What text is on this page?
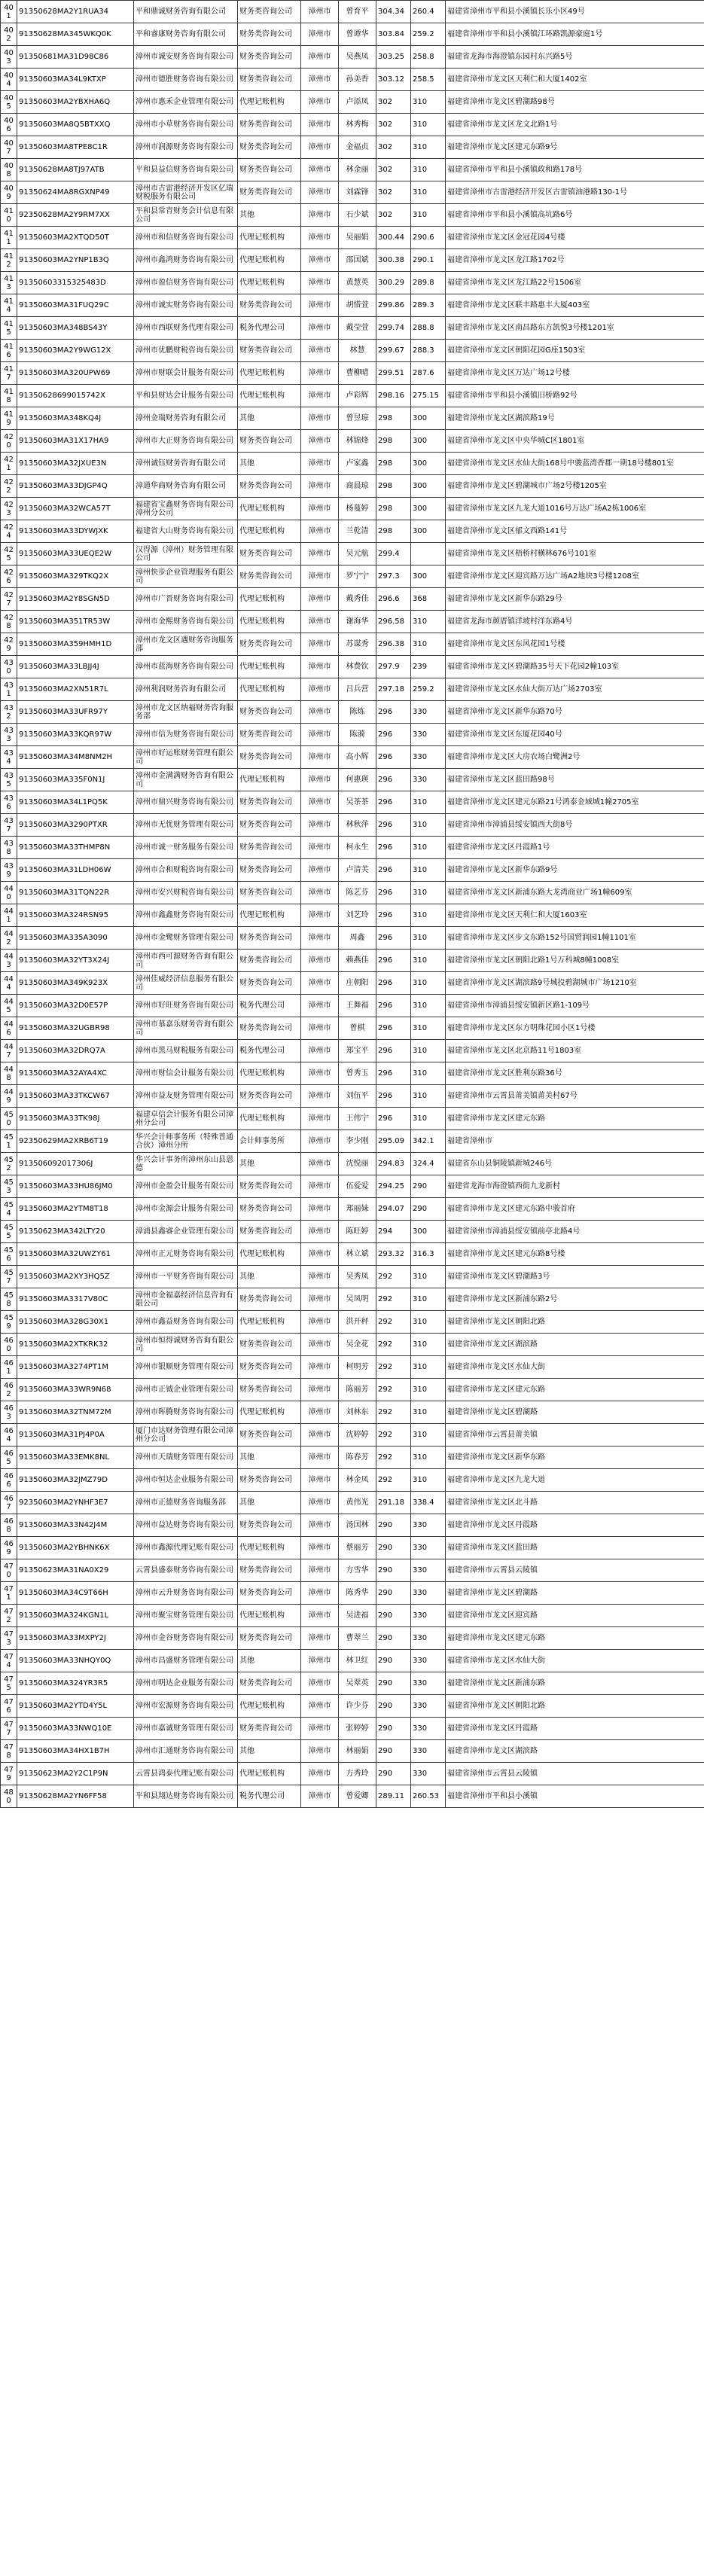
401	91350628MA2Y1RUA34	平和鼎诚财务咨询有限公司	财务类咨询公司	漳州市	曾育平	304.34	260.4	福建省漳州市平和县小溪镇长乐小区49号
402	91350628MA345WKQ0K	平和睿康财务咨询有限公司	财务类咨询公司	漳州市	曾谭华	303.84	259.2	福建省漳州市平和县小溪镇江环路凯源豪庭1号
403	91350681MA31D98C86	漳州市诚安财务咨询有限公司	财务类咨询公司	漳州市	吴燕凤	303.25	258.8	福建省龙海市海澄镇东园村东兴路5号
404	91350603MA34L9KTXP	漳州市德胜财务咨询有限公司	财务类咨询公司	漳州市	孙美香	303.12	258.5	福建省漳州市龙文区天利仁和大厦1402室
405	91350603MA2YBXHA6Q	漳州市惠禾企业管理有限公司	代理记账机构	漳州市	卢添凤	302	310	福建省漳州市龙文区碧湖路98号
406	91350603MA8Q5BTXXQ	漳州市小草财务咨询有限公司	财务类咨询公司	漳州市	林秀梅	302	310	福建省漳州市龙文区龙文北路1号
407	91350603MA8TPE8C1R	漳州市润源财务咨询有限公司	财务类咨询公司	漳州市	金福贞	302	310	福建省漳州市龙文区建元东路9号
408	91350628MA8TJ97ATB	平和县益信财务咨询有限公司	财务类咨询公司	漳州市	林金丽	302	310	福建省漳州市平和县小溪镇政和路178号
409	91350624MA8RGXNP49	漳州市古雷港经济开发区亿瑞财税服务有限公司	财务类咨询公司	漳州市	刘霖锋	302	310	福建省漳州市古雷港经济开发区古雷镇油港路130-1号
410	92350628MA2Y9RM7XX	平和县常青财务会计信息有限公司	其他	漳州市	石少斌	302	310	福建省漳州市平和县小溪镇高坑路6号
411	91350603MA2XTQD50T	漳州市和信财务咨询有限公司	代理记账机构	漳州市	吴丽娟	300.44	290.6	福建省漳州市龙文区金冠花园4号楼
412	91350603MA2YNP1B3Q	漳州市鑫鸿财务咨询有限公司	代理记账机构	漳州市	邵国斌	300.38	290.1	福建省漳州市龙文区龙江路1702号
413	91350603315325483D	漳州市盈信财务咨询有限公司	代理记账机构	漳州市	黄慧英	300.29	289.8	福建省漳州市龙文区龙江路22号1506室
414	91350603MA31FUQ29C	漳州市诚实财务咨询有限公司	财务类咨询公司	漳州市	胡惜萱	299.86	289.3	福建省漳州市龙文区联丰路惠丰大厦403室
415	91350603MA348BS43Y	漳州市西联财务代理有限公司	税务代理公司	漳州市	戴莹萱	299.74	288.8	福建省漳州市龙文区南昌路东方凯悦3号楼1201室
416	91350603MA2Y9WG12X	漳州市优鹏财税咨询有限公司	财务类咨询公司	漳州市	林慧	299.67	288.3	福建省漳州市龙文区朝阳花园G座1503室
417	91350603MA320UPW69	漳州市财联会计服务有限公司	代理记账机构	漳州市	曹柳晴	299.51	287.6	福建省漳州市龙文区万达广场12号楼
418	91350628699015742X	平和县财达会计服务有限公司	代理记账机构	漳州市	卢彩辉	298.16	275.15	福建省漳州市平和县小溪镇旧桥路92号
419	91350603MA348KQ4J	漳州金瑞财务咨询有限公司	其他	漳州市	曾昱琼	298	300	福建省漳州市龙文区湖滨路19号
420	91350603MA31X17HA9	漳州市大正财务咨询有限公司	财务类咨询公司	漳州市	林锦烽	298	300	福建省漳州市龙文区中央华城C区1801室
421	91350603MA32JXUE3N	漳州诚钰财务咨询有限公司	其他	漳州市	卢家鑫	298	300	福建省漳州市龙文区水仙大街168号中骏蓝湾香郡一期18号楼801室
422	91350603MA33DJGP4Q	漳通华商财务咨询有限公司	财务类咨询公司	漳州市	商晨琼	298	300	福建省漳州市龙文区碧湖城市广场2号楼1205室
423	91350603MA32WCA57T	福建省宝鑫财务咨询有限公司漳州分公司	代理记账机构	漳州市	杨蔓婷	298	300	福建省漳州市龙文区九龙大道1016号万达广场A2栋1006室
424	91350603MA33DYWJXK	福建省大山财务咨询有限公司	代理记账机构	漳州市	兰乾清	298	300	福建省漳州市龙文区郁文西路141号
425	91350603MA33UEQE2W	汉得源（漳州）财务管理有限公司	财务类咨询公司	漳州市	吴元航	299.4		福建省漳州市龙文区梧桥村横林676号101室
426	91350603MA329TKQ2X	漳州快步企业管理服务有限公司	财务类咨询公司	漳州市	罗宁宁	297.3	300	福建省漳州市龙文区迎宾路万达广场A2地块3号楼1208室
427	91350603MA2Y8SGN5D	漳州市广晋财务咨询有限公司	代理记账机构	漳州市	戴秀佳	296.6	368	福建省漳州市龙文区新华东路29号
428	91350603MA351TR53W	漳州市金熙财务咨询有限公司	代理记账机构	漳州市	谢海华	296.58	310	福建省龙海市颜厝镇洋坡村洋东路4号
429	91350603MA359HMH1D	漳州市龙文区遇财务咨询服务部	财务类咨询公司	漳州市	苏谋秀	296.38	310	福建省漳州市龙文区东风花园1号楼
430	91350603MA33LBJJ4J	漳州市蓝海财务咨询有限公司	代理记账机构	漳州市	林费钦	297.9	239	福建省漳州市龙文区碧湖路35号天下花园2幢103室
431	91350603MA2XN51R7L	漳州利润财务咨询有限公司	代理记账机构	漳州市	吕兵营	297.18	259.2	福建省漳州市龙文区水仙大街万达广场2703室
432	91350603MA33UFR97Y	漳州市龙文区纳福财务咨询服务部	财务类咨询公司	漳州市	陈炼	296	330	福建省漳州市龙文区新华东路70号
433	91350603MA33KQR97W	漳州市信为财务咨询有限公司	财务类咨询公司	漳州市	陈漪	296	330	福建省漳州市龙文区东厦花园40号
434	91350603MA34M8NM2H	漳州市好运账财务管理有限公司	财务类咨询公司	漳州市	高小辉	296	330	福建省漳州市龙文区大房农场白鹭洲2号
435	91350603MA335F0N1J	漳州市金满满财务咨询有限公司	代理记账机构	漳州市	何惠瑛	296	330	福建省漳州市龙文区蓝田路98号
436	91350603MA34L1PQ5K	漳州市鼎兴财务咨询有限公司	财务类咨询公司	漳州市	吴茶茶	296	310	福建省漳州市龙文区建元东路21号鸿泰金域城1幢2705室
437	91350603MA3290PTXR	漳州市无忧财务管理有限公司	财务类咨询公司	漳州市	林秋萍	296	310	福建省漳州市漳浦县绥安镇西大街8号
438	91350603MA33THMP8N	漳州市诚一财务服务有限公司	财务类咨询公司	漳州市	柯永生	296	310	福建省漳州市龙文区丹霞路1号
439	91350603MA31LDH06W	漳州市合和财税咨询有限公司	财务类咨询公司	漳州市	卢清芙	296	310	福建省漳州市龙文区新华东路9号
440	91350603MA31TQN22R	漳州市安兴财税咨询有限公司	财务类咨询公司	漳州市	陈艺芬	296	310	福建省漳州市龙文区新浦东路大龙湾商业广场1幢609室
441	91350603MA324RSN95	漳州市鑫鑫财务咨询有限公司	代理记账机构	漳州市	刘艺玲	296	310	福建省漳州市龙文区天利仁和大厦1603室
442	91350603MA335A3090	漳州市金鹭财务管理有限公司	财务类咨询公司	漳州市	周鑫	296	310	福建省漳州市龙文区步文东路152号国贸润园1幢1101室
443	91350603MA32YT3X24J	漳州市西可源财务咨询有限公司	财务类咨询公司	漳州市	赖燕佳	296	310	福建省漳州市龙文区朝阳北路1号万科城8幢1008室
444	91350603MA349K923X	漳州佳威经济信息服务有限公司	财务类咨询公司	漳州市	庄朝阳	296	310	福建省漳州市龙文区湖滨路9号城投碧湖城市广场1210室
445	91350603MA32D0E57P	漳州市好旺财务咨询有限公司	税务代理公司	漳州市	王舞福	296	310	福建省漳州市漳浦县绥安镇新区路1-109号
446	91350603MA32UGBR98	漳州市慕嘉乐财务咨询有限公司	财务类咨询公司	漳州市	曾棋	296	310	福建省漳州市龙文区东方明珠花园小区1号楼
447	91350603MA32DRQ7A	漳州市黑马财税服务有限公司	税务代理公司	漳州市	郑宝平	296	310	福建省漳州市龙文区北京路11号1803室
448	91350603MA32AYA4XC	漳州市财信会计服务有限公司	代理记账机构	漳州市	曾秀玉	296	310	福建省漳州市龙文区胜利东路36号
449	91350603MA33TKCW67	漳州市益友财务管理有限公司	财务类咨询公司	漳州市	刘伍平	296	310	福建省漳州市云霄县莆美镇莆美村67号
450	91350603MA33TK98J	福建卓信会计服务有限公司漳州分公司	代理记账机构	漳州市	王伟宁	296	310	福建省漳州市龙文区建元东路
451	92350629MA2XRB6T19	华兴会计师事务所（特殊普通合伙）漳州分所	会计师事务所	漳州市	李少刚	295.09	342.1	福建省漳州市
452	913506092017306J	华兴会计事务所漳州东山县恩德	其他	漳州市	沈悦丽	294.83	324.4	福建省东山县铜陵镇新城246号
453	91350603MA33HU86JM0	漳州市金盈会计服务有限公司	财务类咨询公司	漳州市	伍爱爱	294.25	290	福建省龙海市海澄镇西街九龙新村
454	91350603MA2YTM8T18	漳州市金源会计服务有限公司	财务类咨询公司	漳州市	郑丽妹	294.07	290	福建省漳州市龙文区建元东路中骏首府
455	91350623MA342LTY20	漳浦县鑫睿企业管理有限公司	财务类咨询公司	漳州市	陈旺婷	294	300	福建省漳州市漳浦县绥安镇前亭北路4号
456	91350603MA32UWZY61	漳州市正元财务咨询有限公司	代理记账机构	漳州市	林立斌	293.32	316.3	福建省漳州市龙文区建元东路8号楼
457	91350603MA2XY3HQ5Z	漳州市一平财务咨询有限公司	其他	漳州市	吴秀凤	292	310	福建省漳州市龙文区碧湖路3号
458	91350603MA3317V80C	漳州市金福嘉经济信息咨询有限公司	财务类咨询公司	漳州市	吴凤明	292	310	福建省漳州市龙文区新浦东路2号
459	91350603MA328G30X1	漳州市鑫益财务咨询有限公司	代理记账机构	漳州市	洪开秤	292	310	福建省漳州市龙文区朝阳北路
460	91350603MA2XTKRK32	漳州市恒得诚财务咨询有限公司	财务类咨询公司	漳州市	吴金花	292	310	福建省漳州市龙文区湖滨路
461	91350603MA3274PT1M	漳州市银顺财务管理有限公司	财务类咨询公司	漳州市	柯明芳	292	310	福建省漳州市龙文区水仙大街
462	91350603MA33WR9N68	漳州市正钺企业管理有限公司	财务类咨询公司	漳州市	陈丽芳	292	310	福建省漳州市龙文区建元东路
463	91350603MA32TNM72M	漳州市晖腾财务咨询有限公司	代理记账机构	漳州市	刘林东	292	310	福建省漳州市龙文区碧湖路
464	91350603MA31PJ4P0A	厦门市达财务管理有限公司漳州分公司	财务类咨询公司	漳州市	沈婷婷	292	310	福建省漳州市云霄县莆美镇
465	91350603MA33EMK8NL	漳州市天瑞财务管理有限公司	其他	漳州市	陈春芳	292	310	福建省漳州市龙文区新华东路
466	91350603MA32JMZ79D	漳州市恒达企业服务有限公司	财务类咨询公司	漳州市	林金凤	292	310	福建省漳州市龙文区九龙大道
467	92350603MA2YNHF3E7	漳州市正德财务咨询服务部	其他	漳州市	黄伟光	291.18	338.4	福建省漳州市龙文区北斗路
468	91350603MA33N42J4M	漳州市益达财务咨询有限公司	财务类咨询公司	漳州市	汤国林	290	330	福建省漳州市龙文区丹霞路
469	91350603MA2YBHNK6X	漳州市鑫源代理记账有限公司	代理记账机构	漳州市	蔡丽芳	290	330	福建省漳州市龙文区蓝田路
470	91350623MA31NA0X29	云霄县盛泰财务咨询有限公司	财务类咨询公司	漳州市	方雪华	290	330	福建省漳州市云霄县云陵镇
471	91350603MA34C9T66H	漳州市云升财务咨询有限公司	财务类咨询公司	漳州市	陈秀华	290	330	福建省漳州市龙文区碧湖路
472	91350603MA324KGN1L	漳州市聚宝财务管理有限公司	代理记账机构	漳州市	吴进福	290	330	福建省漳州市龙文区迎宾路
473	91350603MA33MXPY2J	漳州市金谷财务咨询有限公司	财务类咨询公司	漳州市	曹翠兰	290	330	福建省漳州市龙文区建元东路
474	91350603MA33NHQY0Q	漳州市昌盛财务管理有限公司	其他	漳州市	林卫红	290	330	福建省漳州市龙文区水仙大街
475	91350603MA324YR3R5	漳州市明达企业服务有限公司	财务类咨询公司	漳州市	吴翠英	290	330	福建省漳州市龙文区新浦东路
476	91350603MA2YTD4Y5L	漳州市宏源财务咨询有限公司	代理记账机构	漳州市	许少芬	290	330	福建省漳州市龙文区朝阳北路
477	91350603MA33NWQ10E	漳州市嘉诚财务管理有限公司	财务类咨询公司	漳州市	张婷婷	290	330	福建省漳州市龙文区丹霞路
478	91350603MA34HX1B7H	漳州市汇通财务咨询有限公司	其他	漳州市	林丽娟	290	330	福建省漳州市龙文区湖滨路
479	91350623MA2Y2C1P9N	云霄县鸿泰代理记账有限公司	代理记账机构	漳州市	方秀玲	290	330	福建省漳州市云霄县云陵镇
480	91350628MA2YN6FF58	平和县翔达财务咨询有限公司	税务代理公司	漳州市	曾爱卿	289.11	260.53	福建省漳州市平和县小溪镇
